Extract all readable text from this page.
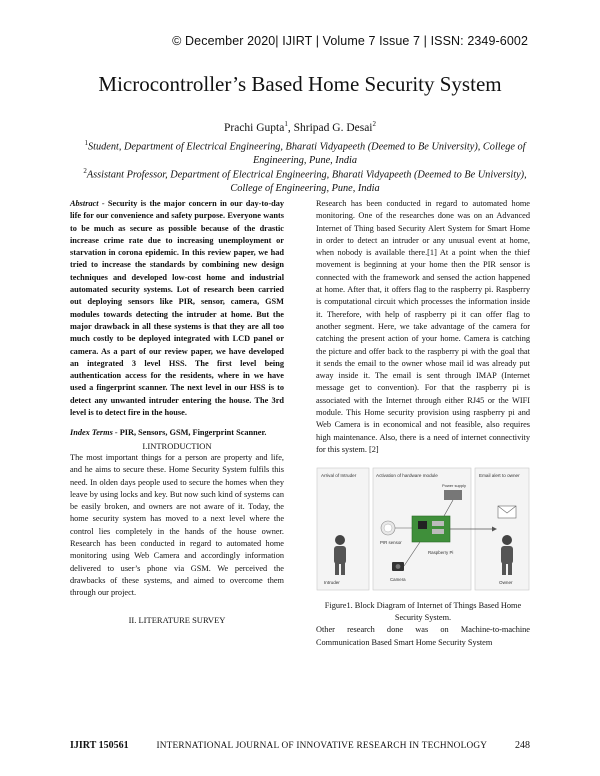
© December 2020| IJIRT | Volume 7 Issue 7 | ISSN: 2349-6002
Microcontroller’s Based Home Security System
Prachi Gupta$^1$, Shripad G. Desai$^2$
$^1$Student, Department of Electrical Engineering, Bharati Vidyapeeth (Deemed to Be University), College of Engineering, Pune, India
$^2$Assistant Professor, Department of Electrical Engineering, Bharati Vidyapeeth (Deemed to Be University), College of Engineering, Pune, India

Abstract - Security is the major concern in our day-to-day life for our convenience and safety purpose. Everyone wants to be much as secure as possible because of the drastic increase crime rate due to increasing unemployment or starvation in corona epidemic. In this review paper, we had tried to increase the standards by combining new design techniques and developed low-cost home and industrial automated security systems. Lot of research been carried out deploying sensors like PIR, sensor, camera, GSM modules towards detecting the intruder at home. But the major drawback in all these systems is that they are all too much costly to be deployed integrated with LCD panel or camera. As a part of our review paper, we have developed an integrated 3 level HSS. The first level being authentication access for the residents, where in we have used a fingerprint scanner. The next level in our HSS is to detect any unwanted intruder entering the house. The 3rd level is to detect fire in the house.

Index Terms - PIR, Sensors, GSM, Fingerprint Scanner.

I.INTRODUCTION

The most important things for a person are property and life, and he aims to secure these. Home Security System fulfils this need. In olden days people used to secure the homes when they leave by using locks and key. But now such kind of systems can be easily broken, and owners are not aware of it. Today, the home security system has moved to a next level where the control lies completely in the hands of the house owner. Research has been conducted in regard to automated home monitoring using Web Camera and accordingly information delivered to user’s phone via GSM. We perceived the drawbacks of these systems, and aimed to overcome them through our project.

II. LITERATURE SURVEY

Research has been conducted in regard to automated home monitoring. One of the researches done was on an Advanced Internet of Thing based Security Alert System for Smart Home in order to detect an intruder or any unusual event at home, when nobody is available there.[1] At a point when the thief movement is beginning at your home then the PIR sensor is connected with the framework and sensed the action happened at home. After that, it offers flag to the raspberry pi. Raspberry is computational circuit which processes the information inside it. Therefore, with help of raspberry pi it can offer flag to another segment. Here, we take advantage of the camera for catching the present action of your home. Camera is catching the picture and offer back to the raspberry pi with the goal that it sends the email to the owner whose mail id was already put away inside it. The email is sent through IMAP (Internet message get to convention). For that the raspberry pi is associated with the Internet through either RJ45 or the WIFI module. This Home security provision using raspberry pi and Web Camera is in economical and not feasible, also requires high maintenance. Also, there is a need of internet connectivity for this system. [2]

Arrival of Intruder	Activation of hardware module	Email alert to owner
Intruder
PIR sensor
Power supply
Raspberry Pi
Camera
Owner

Figure1. Block Diagram of Internet of Things Based Home Security System.

Other research done was on Machine-to-machine Communication Based Smart Home Security System

IJIRT 150561	INTERNATIONAL JOURNAL OF INNOVATIVE RESEARCH IN TECHNOLOGY	248
